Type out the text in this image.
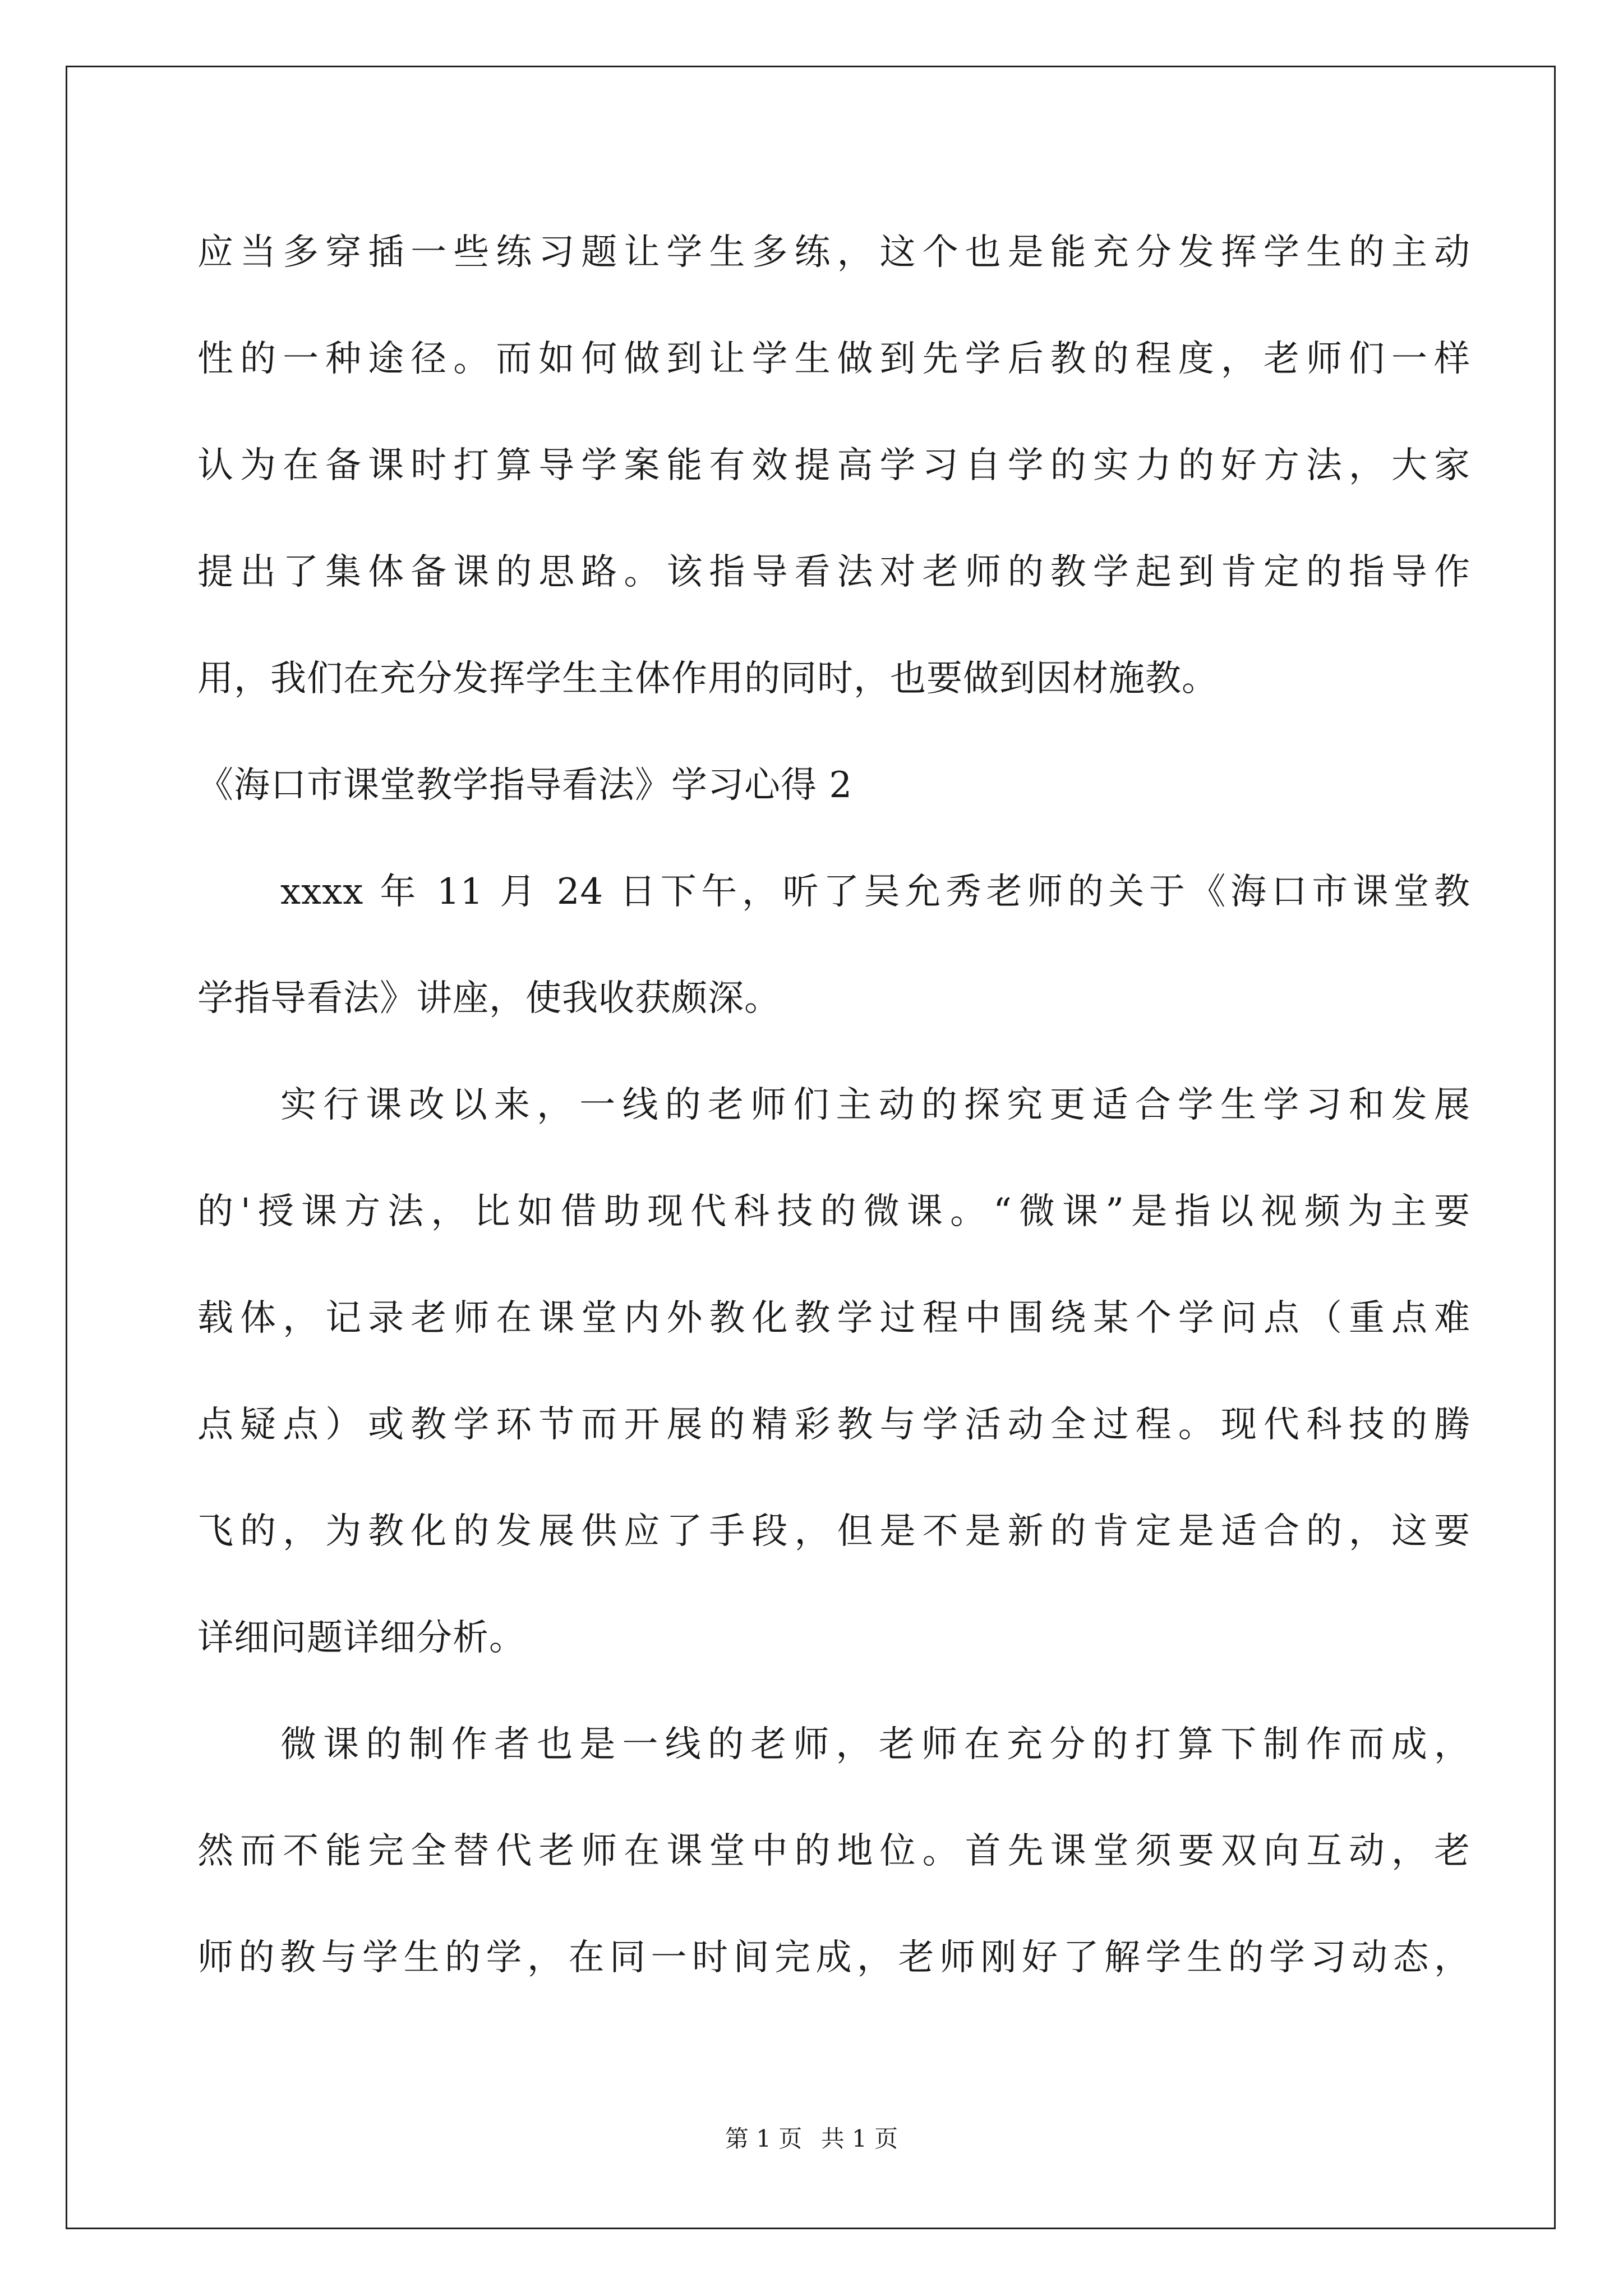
应当多穿插一些练习题让学生多练，这个也是能充分发挥学生的主动
性的一种途径。而如何做到让学生做到先学后教的程度，老师们一样
认为在备课时打算导学案能有效提高学习自学的实力的好方法，大家
提出了集体备课的思路。该指导看法对老师的教学起到肯定的指导作
用，我们在充分发挥学生主体作用的同时，也要做到因材施教。
《海口市课堂教学指导看法》学习心得 2
xxxx 年 11 月 24 日下午，听了吴允秀老师的关于《海口市课堂教
学指导看法》讲座，使我收获颇深。
实行课改以来，一线的老师们主动的探究更适合学生学习和发展
的'授课方法，比如借助现代科技的微课。“微课”是指以视频为主要
载体，记录老师在课堂内外教化教学过程中围绕某个学问点（重点难
点疑点）或教学环节而开展的精彩教与学活动全过程。现代科技的腾
飞的，为教化的发展供应了手段，但是不是新的肯定是适合的，这要
详细问题详细分析。
微课的制作者也是一线的老师，老师在充分的打算下制作而成，
然而不能完全替代老师在课堂中的地位。首先课堂须要双向互动，老
师的教与学生的学，在同一时间完成，老师刚好了解学生的学习动态，
第 1 页 共 1 页
